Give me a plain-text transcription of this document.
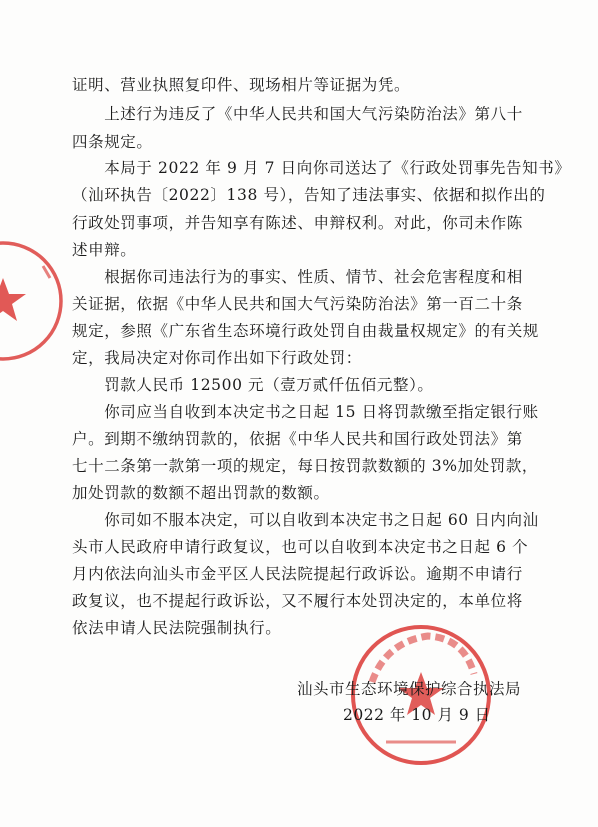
证明、营业执照复印件、现场相片等证据为凭。
　　上述行为违反了《中华人民共和国大气污染防治法》第八十
四条规定。
　　本局于 2022 年 9 月 7 日向你司送达了《行政处罚事先告知书》
（汕环执告〔2022〕138 号），告知了违法事实、依据和拟作出的
行政处罚事项，并告知享有陈述、申辩权利。对此，你司未作陈
述申辩。
　　根据你司违法行为的事实、性质、情节、社会危害程度和相
关证据，依据《中华人民共和国大气污染防治法》第一百二十条
规定，参照《广东省生态环境行政处罚自由裁量权规定》的有关规
定，我局决定对你司作出如下行政处罚：
　　罚款人民币 12500 元（壹万贰仟伍佰元整）。
　　你司应当自收到本决定书之日起 15 日将罚款缴至指定银行账
户。到期不缴纳罚款的，依据《中华人民共和国行政处罚法》第
七十二条第一款第一项的规定，每日按罚款数额的 3%加处罚款，
加处罚款的数额不超出罚款的数额。
　　你司如不服本决定，可以自收到本决定书之日起 60 日内向汕
头市人民政府申请行政复议，也可以自收到本决定书之日起 6 个
月内依法向汕头市金平区人民法院提起行政诉讼。逾期不申请行
政复议，也不提起行政诉讼，又不履行本处罚决定的，本单位将
依法申请人民法院强制执行。
汕头市生态环境保护综合执法局
2022 年 10 月 9 日
